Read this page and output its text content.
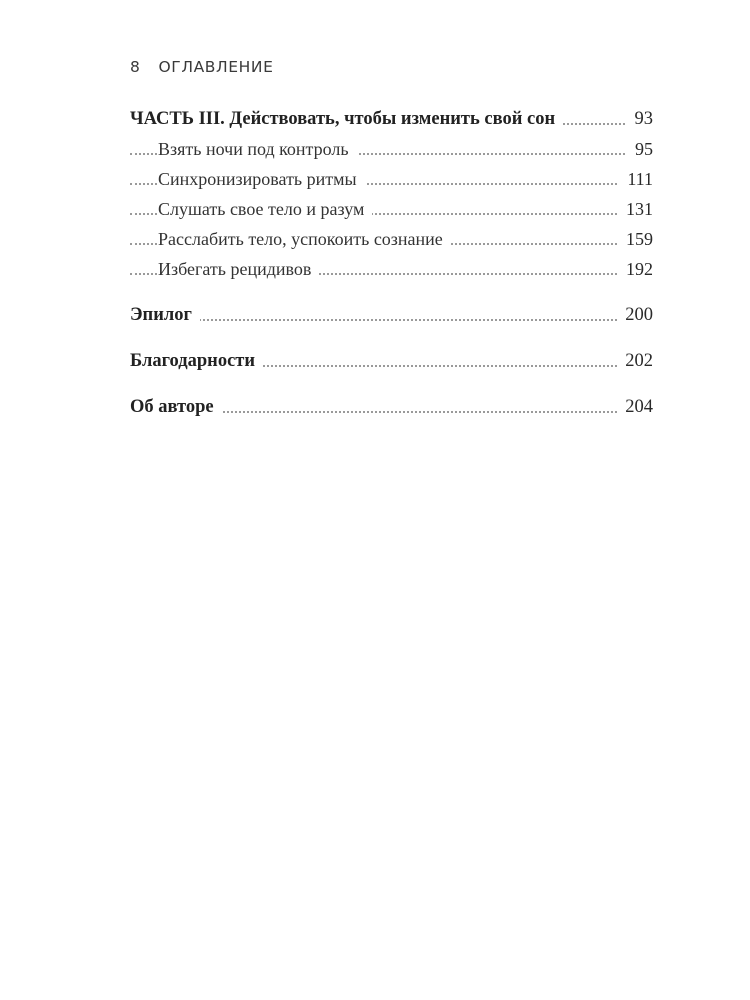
8 ОГЛАВЛЕНИЕ
ЧАСТЬ III. Действовать, чтобы изменить свой сон	93
Взять ночи под контроль	95
Синхронизировать ритмы	111
Слушать свое тело и разум	131
Расслабить тело, успокоить сознание	159
Избегать рецидивов	192
Эпилог	200
Благодарности	202
Об авторе	204
